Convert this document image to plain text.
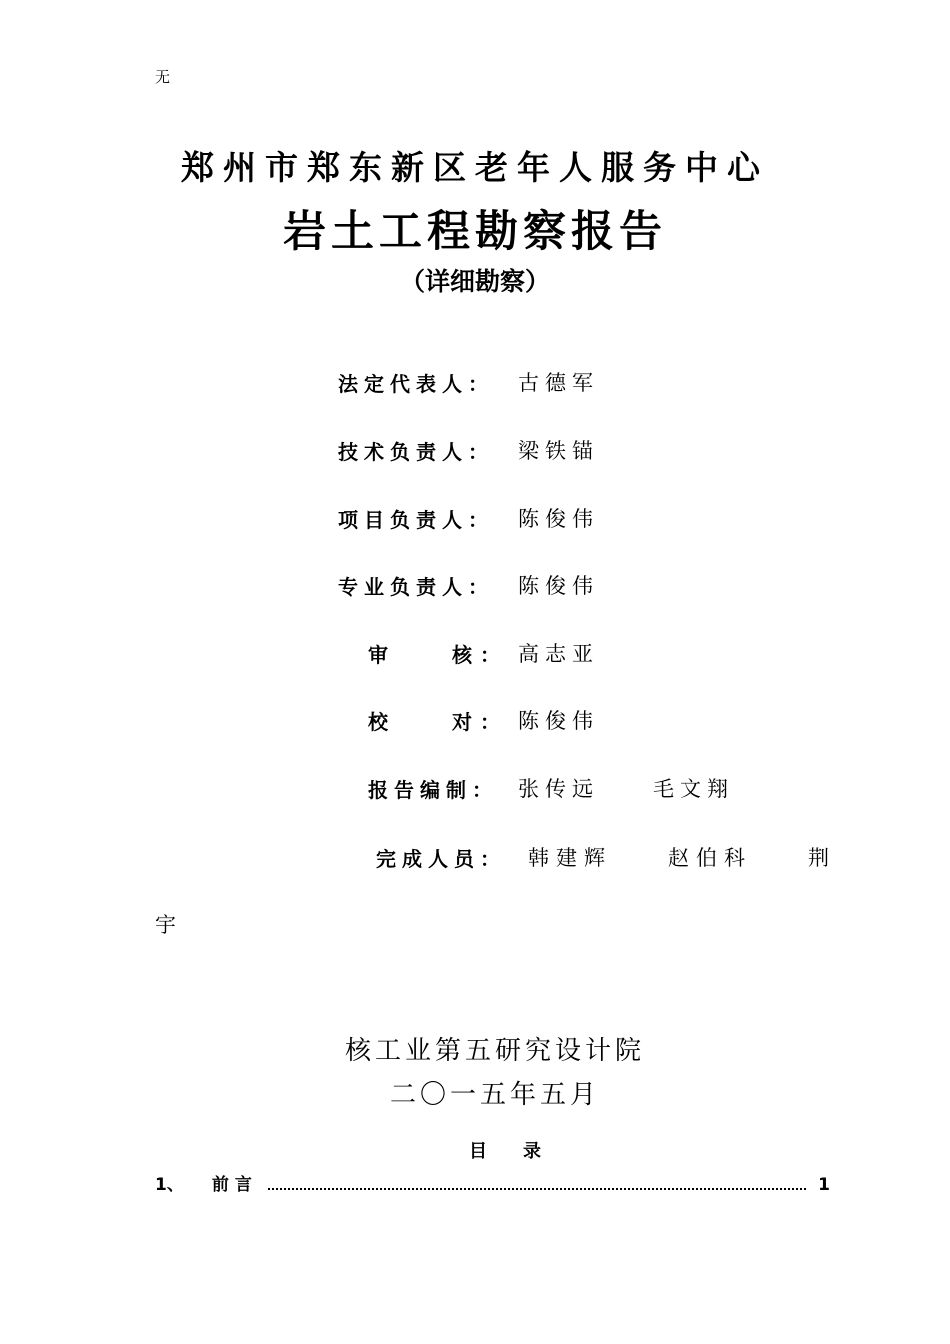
无
郑州市郑东新区老年人服务中心
岩土工程勘察报告
（详细勘察）
法定代表人： 古德军
技术负责人： 梁铁锚
项目负责人： 陈俊伟
专业负责人： 陈俊伟
审　　核： 高志亚
校　　对： 陈俊伟
报告编制： 张传远　　毛文翔
完成人员： 韩建辉　　赵伯科　　荆
宇
核工业第五研究设计院
二〇一五年五月
目　　录
1、 前言	1
